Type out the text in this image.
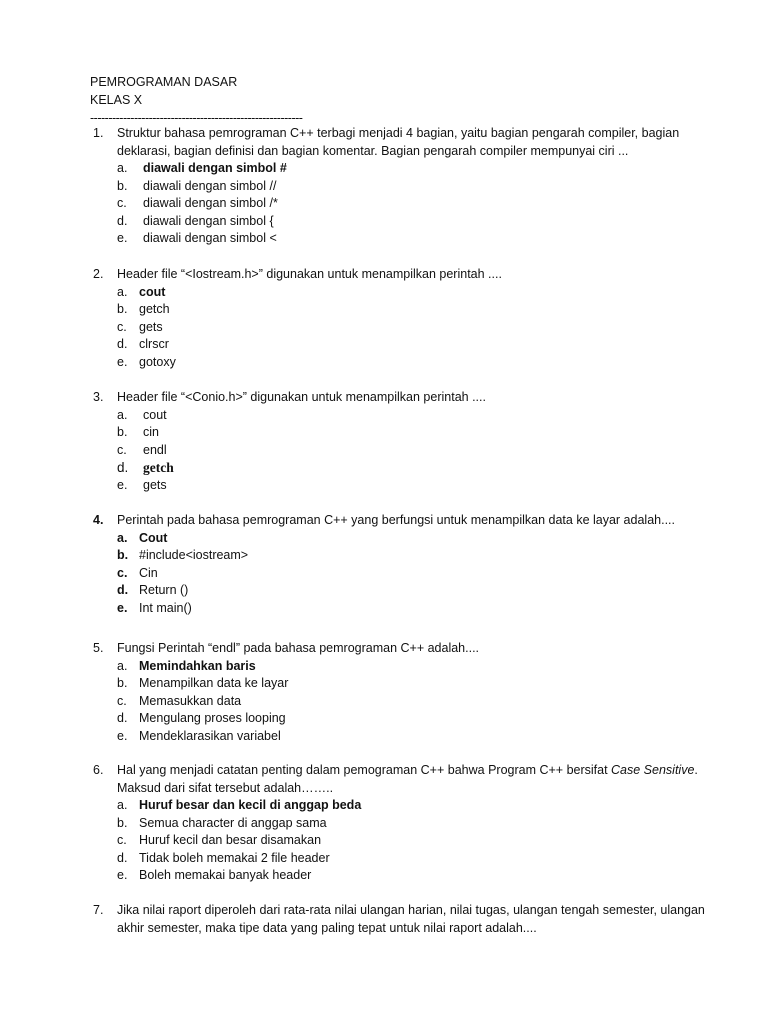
PEMROGRAMAN DASAR
KELAS X
----------------------------------------------------------
1.	Struktur bahasa pemrograman C++ terbagi menjadi 4 bagian, yaitu bagian pengarah compiler, bagian deklarasi, bagian definisi dan bagian komentar. Bagian pengarah compiler mempunyai ciri ...
a.	diawali dengan simbol #
b.	diawali dengan simbol //
c.	diawali dengan simbol /*
d.	diawali dengan simbol {
e.	diawali dengan simbol <
2.	Header file “<Iostream.h>” digunakan untuk menampilkan perintah ....
a. cout
b. getch
c. gets
d. clrscr
e. gotoxy
3.	Header file “<Conio.h>” digunakan untuk menampilkan perintah ....
a.	cout
b.	cin
c.	endl
d.	getch
e.	gets
4.	Perintah pada bahasa pemrograman C++ yang berfungsi untuk menampilkan data ke layar adalah....
a. Cout
b. #include<iostream>
c. Cin
d. Return ()
e. Int main()
5.	Fungsi Perintah “endl” pada bahasa pemrograman C++ adalah....
a. Memindahkan baris
b. Menampilkan data ke layar
c. Memasukkan data
d. Mengulang proses looping
e. Mendeklarasikan variabel
6.	Hal yang menjadi catatan penting dalam pemograman C++ bahwa Program C++ bersifat Case Sensitive. Maksud dari sifat tersebut adalah……..
a. Huruf besar dan kecil di anggap beda
b. Semua character di anggap sama
c. Huruf kecil dan besar disamakan
d. Tidak boleh memakai 2 file header
e. Boleh memakai banyak header
7.	Jika nilai raport diperoleh dari rata-rata nilai ulangan harian, nilai tugas, ulangan tengah semester, ulangan akhir semester, maka tipe data yang paling tepat untuk nilai raport adalah....
